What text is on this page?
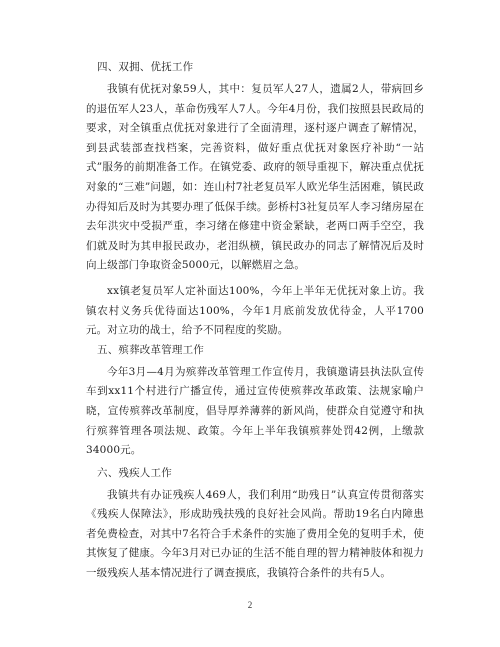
四、双拥、优抚工作

我镇有优抚对象59人，其中：复员军人27人，遗属2人，带病回乡的退伍军人23人，革命伤残军人7人。今年4月份，我们按照县民政局的要求，对全镇重点优抚对象进行了全面清理，逐村逐户调查了解情况，到县武装部查找档案，完善资料，做好重点优抚对象医疗补助“一站式”服务的前期准备工作。在镇党委、政府的领导重视下，解决重点优抚对象的“三难”问题，如：连山村7社老复员军人欧光华生活困难，镇民政办得知后及时为其要办理了低保手续。彭桥村3社复员军人李习绪房屋在去年洪灾中受损严重，李习绪在修建中资金紧缺，老两口两手空空，我们就及时为其申报民政办，老泪纵横，镇民政办的同志了解情况后及时向上级部门争取资金5000元，以解燃眉之急。

xx镇老复员军人定补面达100%，今年上半年无优抚对象上访。我镇农村义务兵优待面达100%，今年1月底前发放优待金，人平1700元。对立功的战士，给予不同程度的奖励。

五、殡葬改革管理工作

今年3月—4月为殡葬改革管理工作宣传月，我镇邀请县执法队宣传车到xx11个村进行广播宣传，通过宣传使殡葬改革政策、法规家喻户晓，宣传殡葬改革制度，倡导厚养薄葬的新风尚，使群众自觉遵守和执行殡葬管理各项法规、政策。今年上半年我镇殡葬处罚42例，上缴款34000元。

六、残疾人工作

我镇共有办证残疾人469人，我们利用“助残日”认真宣传贯彻落实《残疾人保障法》，形成助残扶残的良好社会风尚。帮助19名白内障患者免费检查，对其中7名符合手术条件的实施了费用全免的复明手术，使其恢复了健康。今年3月对已办证的生活不能自理的智力精神肢体和视力一级残疾人基本情况进行了调查摸底，我镇符合条件的共有5人。

2
